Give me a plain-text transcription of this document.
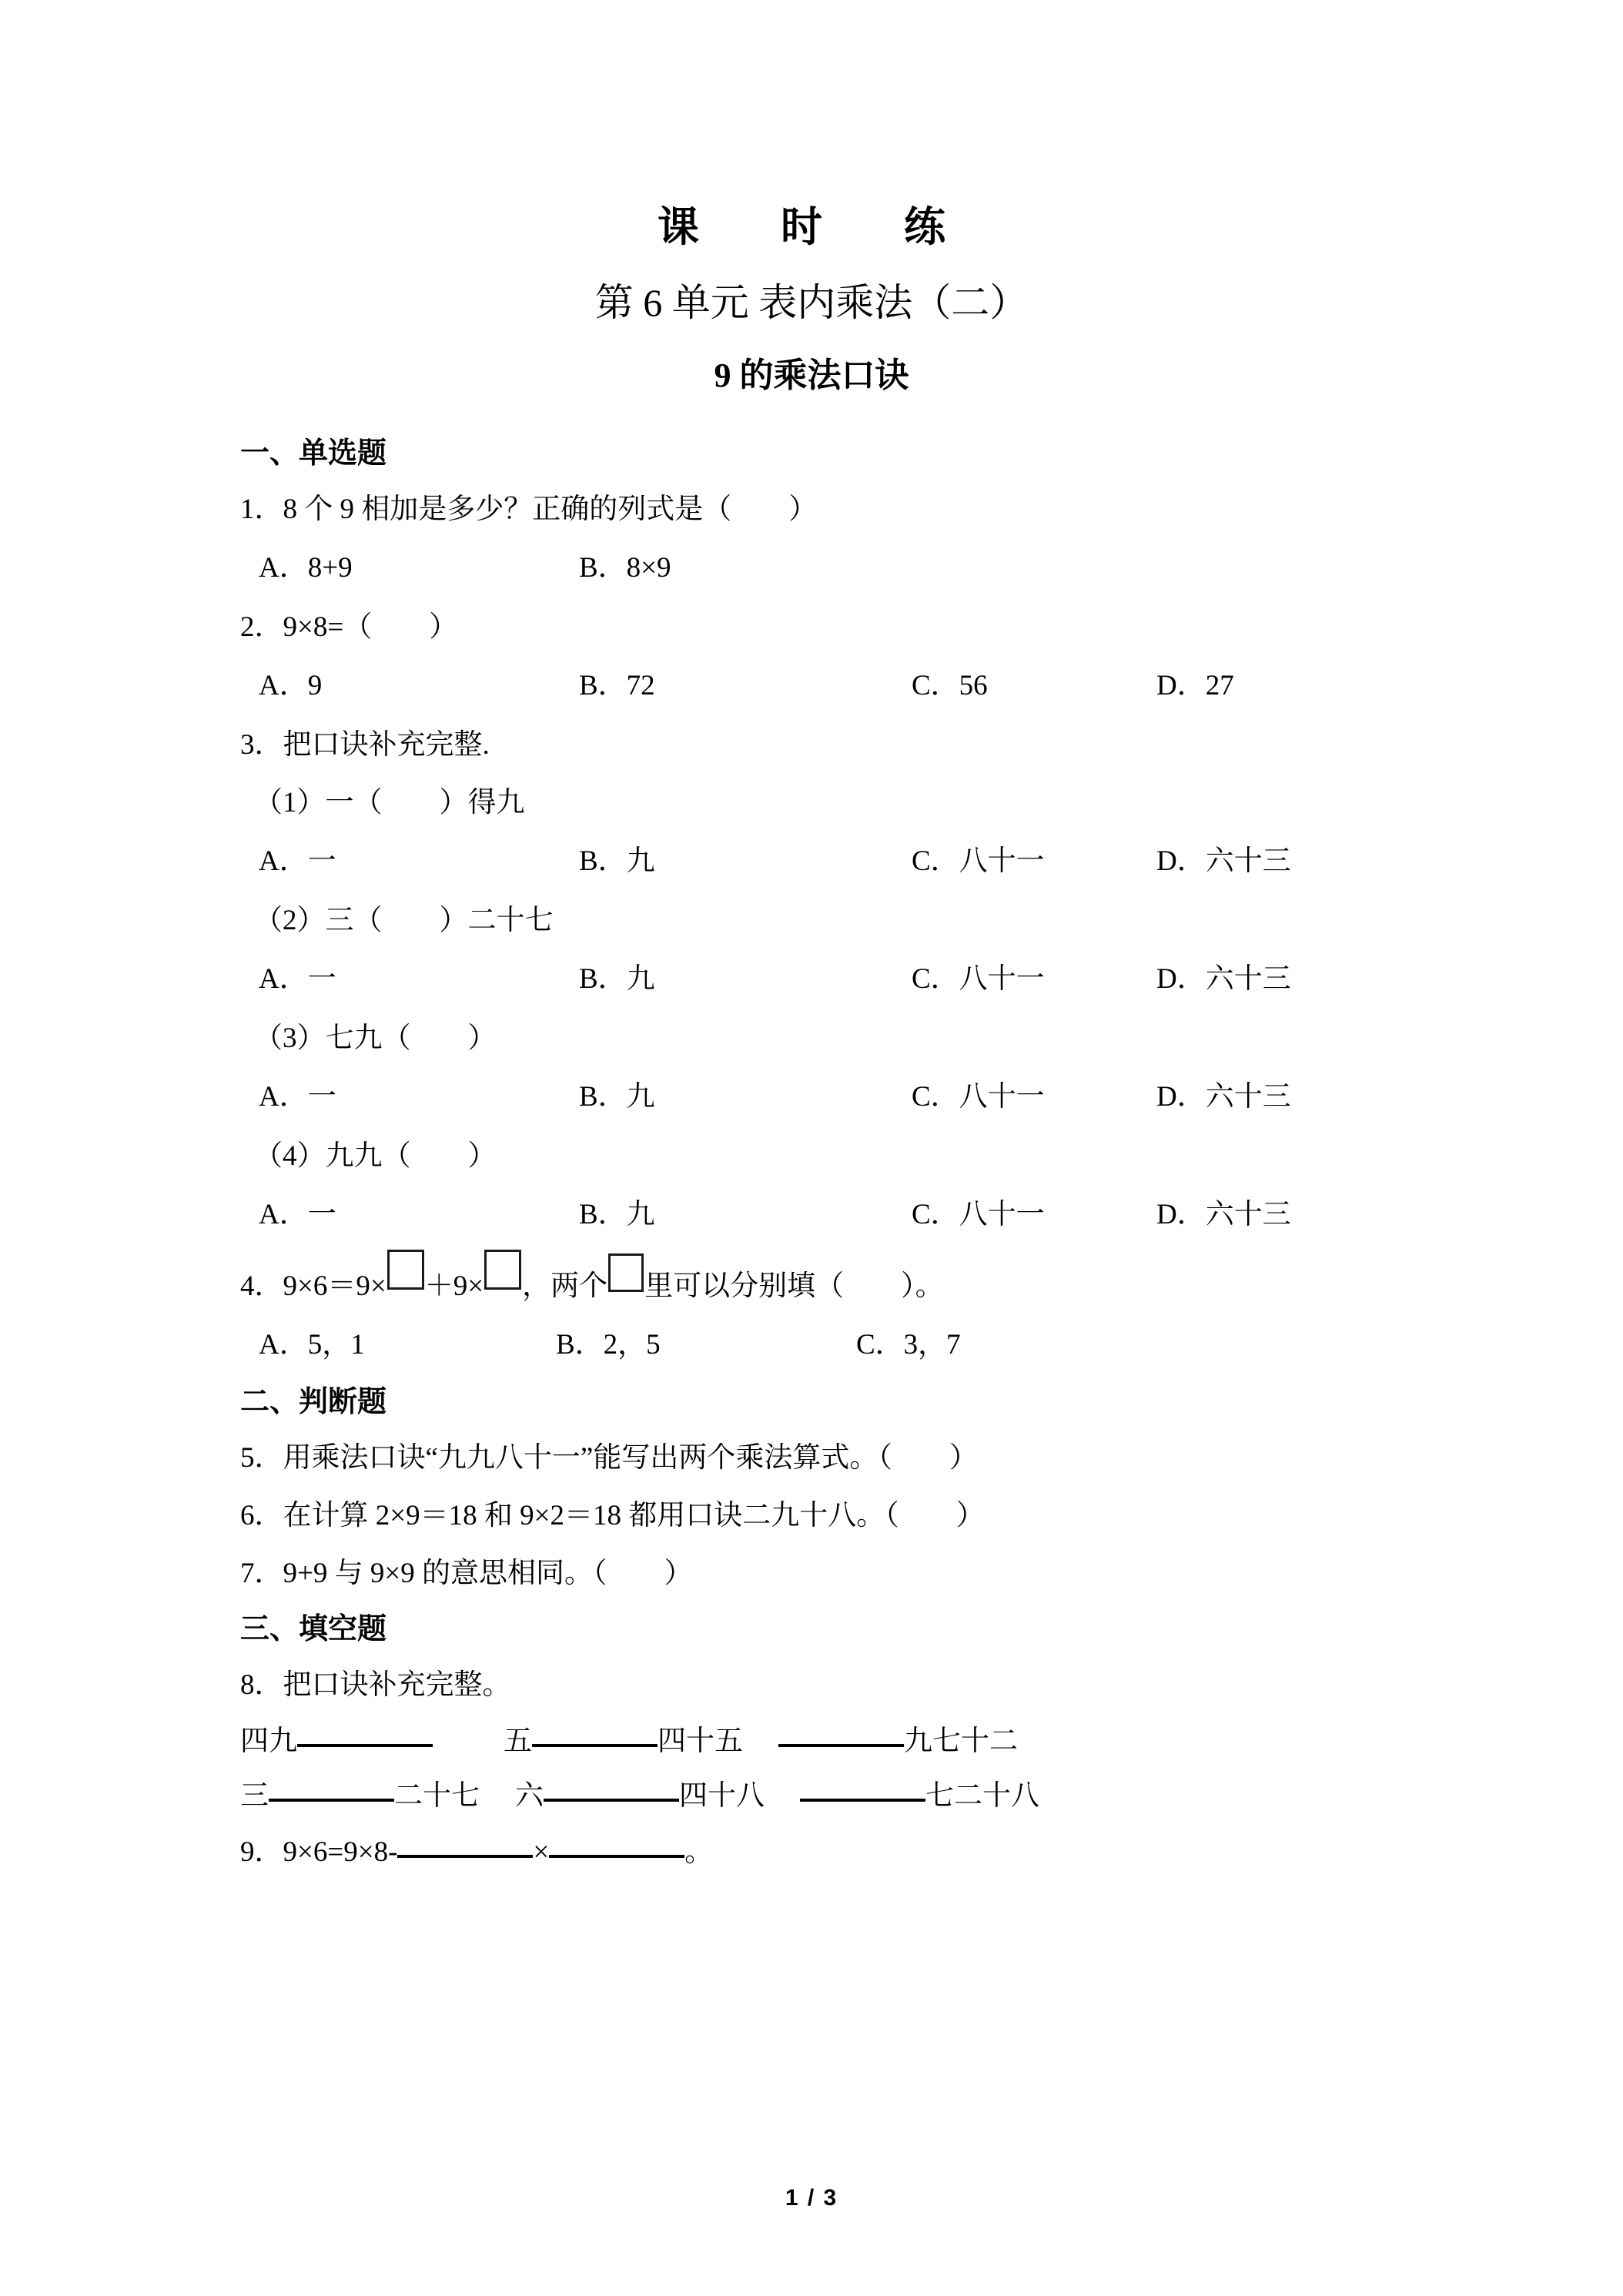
课　时　练
第 6 单元 表内乘法（二）
9 的乘法口诀
一、单选题
1．8 个 9 相加是多少？正确的列式是（　　）
A．8+9	B．8×9
2．9×8=（　　）
A．9	B．72	C．56	D．27
3．把口诀补充完整.
（1）一（　　）得九
A．一	B．九	C．八十一	D．六十三
（2）三（　　）二十七
A．一	B．九	C．八十一	D．六十三
（3）七九（　　）
A．一	B．九	C．八十一	D．六十三
（4）九九（　　）
A．一	B．九	C．八十一	D．六十三
4．9×6＝9× ＋9× ，两个 里可以分别填（　　）。
A．5，1	B．2，5	C．3，7
二、判断题
5．用乘法口诀“九九八十一”能写出两个乘法算式。（　　）
6．在计算 2×9＝18 和 9×2＝18 都用口诀二九十八。（　　）
7．9+9 与 9×9 的意思相同。（　　）
三、填空题
8．把口诀补充完整。
四九	五	四十五	九七十二
三	二十七 六	四十八	七二十八
9．9×6=9×8-	×	。
1 / 3
